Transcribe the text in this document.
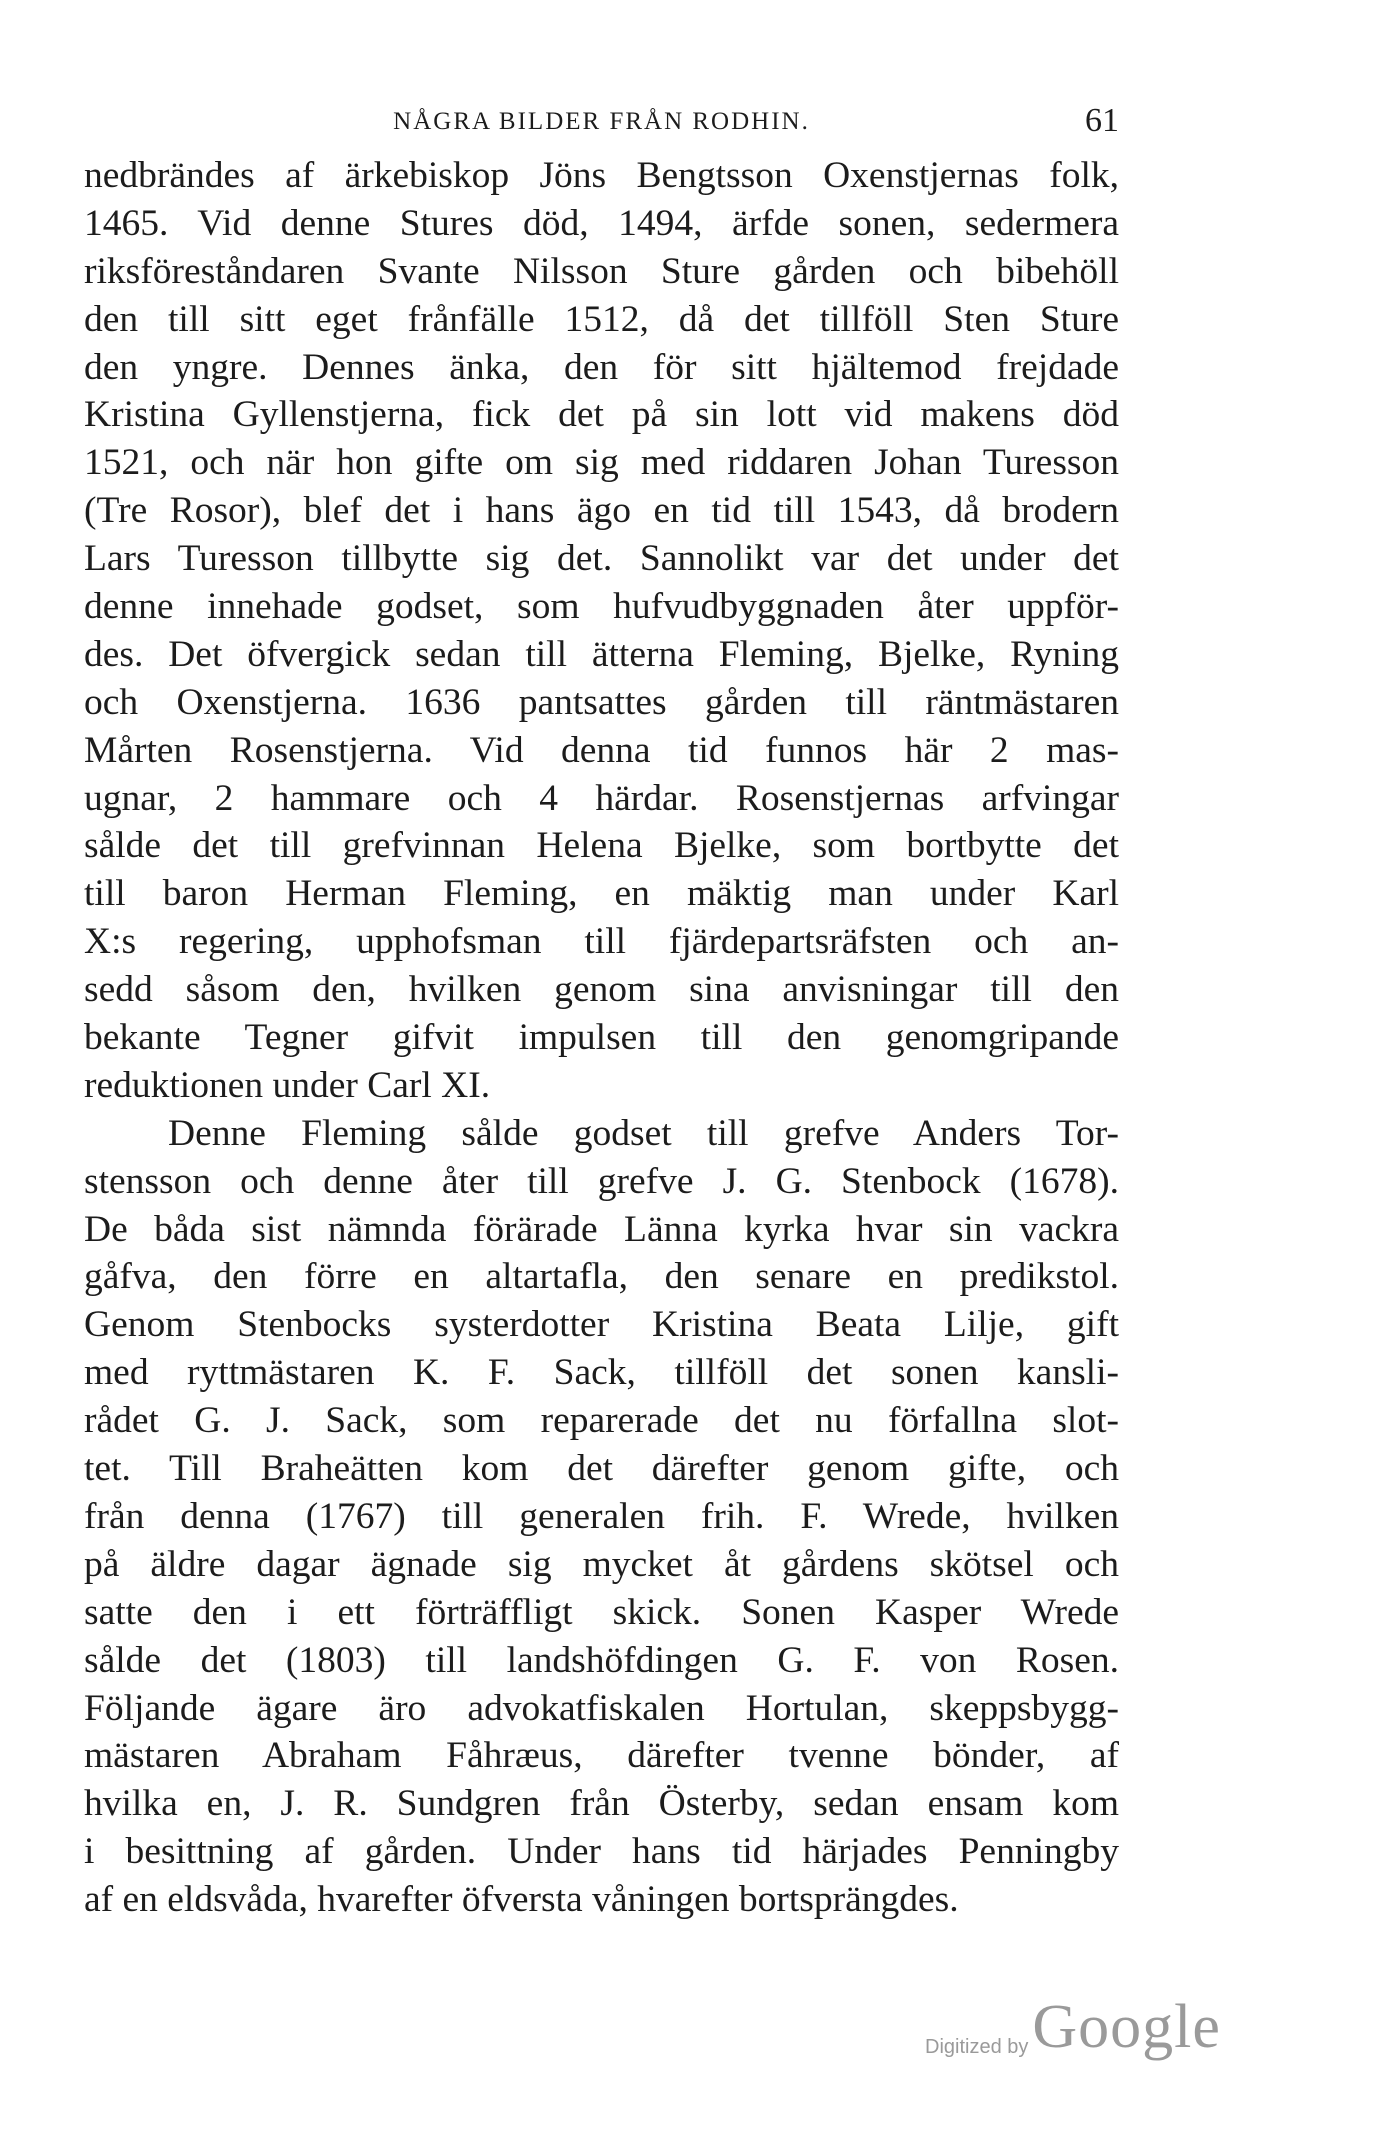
NÅGRA BILDER FRÅN RODHIN.	61
nedbrändes af ärkebiskop Jöns Bengtsson Oxenstjernas folk,
1465. Vid denne Stures död, 1494, ärfde sonen, sedermera
riksföreståndaren Svante Nilsson Sture gården och bibehöll
den till sitt eget frånfälle 1512, då det tillföll Sten Sture
den yngre. Dennes änka, den för sitt hjältemod frejdade
Kristina Gyllenstjerna, fick det på sin lott vid makens död
1521, och när hon gifte om sig med riddaren Johan Turesson
(Tre Rosor), blef det i hans ägo en tid till 1543, då brodern
Lars Turesson tillbytte sig det. Sannolikt var det under det
denne innehade godset, som hufvudbyggnaden åter uppför-
des. Det öfvergick sedan till ätterna Fleming, Bjelke, Ryning
och Oxenstjerna. 1636 pantsattes gården till räntmästaren
Mårten Rosenstjerna. Vid denna tid funnos här 2 mas-
ugnar, 2 hammare och 4 härdar. Rosenstjernas arfvingar
sålde det till grefvinnan Helena Bjelke, som bortbytte det
till baron Herman Fleming, en mäktig man under Karl
X:s regering, upphofsman till fjärdepartsräfsten och an-
sedd såsom den, hvilken genom sina anvisningar till den
bekante Tegner gifvit impulsen till den genomgripande
reduktionen under Carl XI.
Denne Fleming sålde godset till grefve Anders Tor-
stensson och denne åter till grefve J. G. Stenbock (1678).
De båda sist nämnda förärade Länna kyrka hvar sin vackra
gåfva, den förre en altartafla, den senare en predikstol.
Genom Stenbocks systerdotter Kristina Beata Lilje, gift
med ryttmästaren K. F. Sack, tillföll det sonen kansli-
rådet G. J. Sack, som reparerade det nu förfallna slot-
tet. Till Braheätten kom det därefter genom gifte, och
från denna (1767) till generalen frih. F. Wrede, hvilken
på äldre dagar ägnade sig mycket åt gårdens skötsel och
satte den i ett förträffligt skick. Sonen Kasper Wrede
sålde det (1803) till landshöfdingen G. F. von Rosen.
Följande ägare äro advokatfiskalen Hortulan, skeppsbygg-
mästaren Abraham Fåhræus, därefter tvenne bönder, af
hvilka en, J. R. Sundgren från Österby, sedan ensam kom
i besittning af gården. Under hans tid härjades Penningby
af en eldsvåda, hvarefter öfversta våningen bortsprängdes.
Digitized by Google
